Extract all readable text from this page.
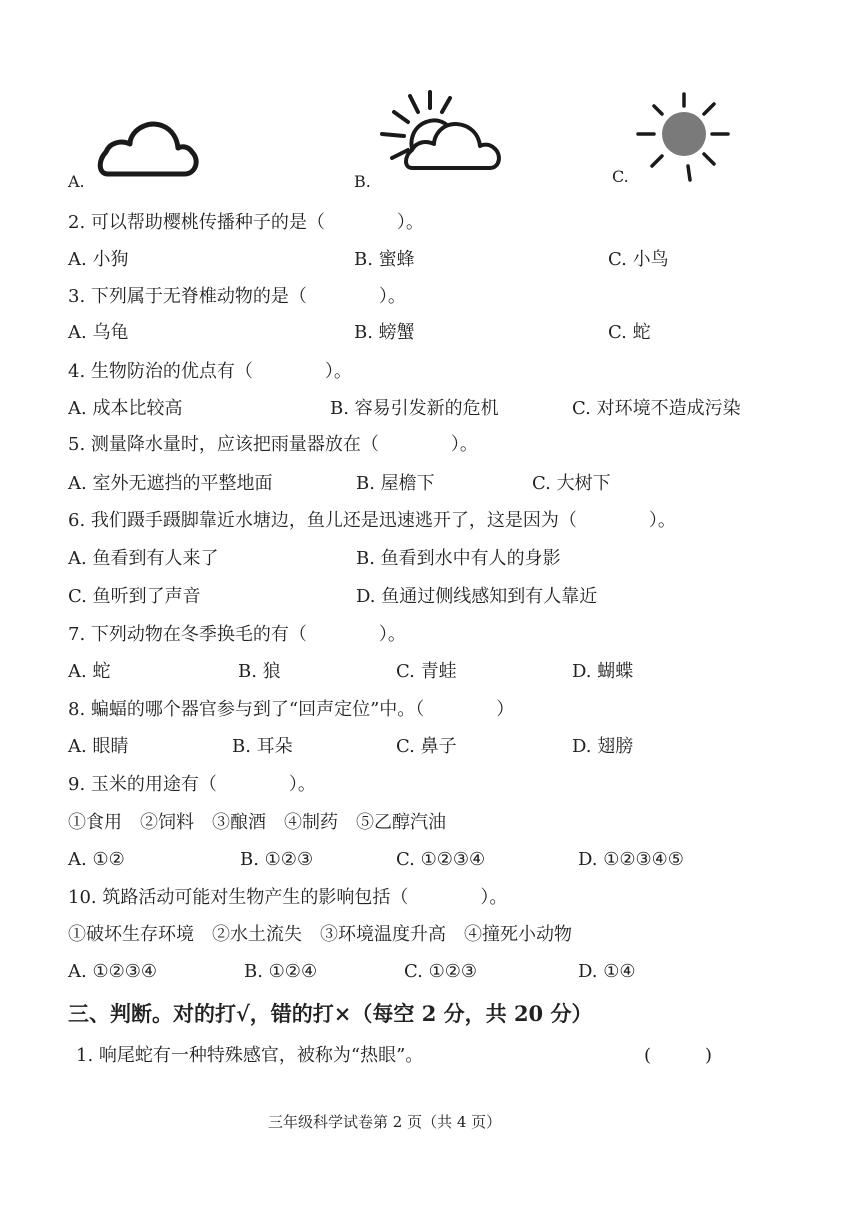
A.	B.	C.
2. 可以帮助樱桃传播种子的是（　　　　）。
A. 小狗	B. 蜜蜂	C. 小鸟
3. 下列属于无脊椎动物的是（　　　　）。
A. 乌龟	B. 螃蟹	C. 蛇
4. 生物防治的优点有（　　　　）。
A. 成本比较高	B. 容易引发新的危机	C. 对环境不造成污染
5. 测量降水量时，应该把雨量器放在（　　　　）。
A. 室外无遮挡的平整地面	B. 屋檐下	C. 大树下
6. 我们蹑手蹑脚靠近水塘边，鱼儿还是迅速逃开了，这是因为（　　　　）。
A. 鱼看到有人来了	B. 鱼看到水中有人的身影
C. 鱼听到了声音	D. 鱼通过侧线感知到有人靠近
7. 下列动物在冬季换毛的有（　　　　）。
A. 蛇	B. 狼	C. 青蛙	D. 蝴蝶
8. 蝙蝠的哪个器官参与到了“回声定位”中。（　　　　）
A. 眼睛	B. 耳朵	C. 鼻子	D. 翅膀
9. 玉米的用途有（　　　　）。
①食用　②饲料　③酿酒　④制药　⑤乙醇汽油
A. ①②	B. ①②③	C. ①②③④	D. ①②③④⑤
10. 筑路活动可能对生物产生的影响包括（　　　　）。
①破坏生存环境　②水土流失　③环境温度升高　④撞死小动物
A. ①②③④	B. ①②④	C. ①②③	D. ①④
三、判断。对的打√，错的打×（每空 2 分，共 20 分）
1. 响尾蛇有一种特殊感官，被称为“热眼”。	(　　　)
三年级科学试卷第 2 页（共 4 页）
